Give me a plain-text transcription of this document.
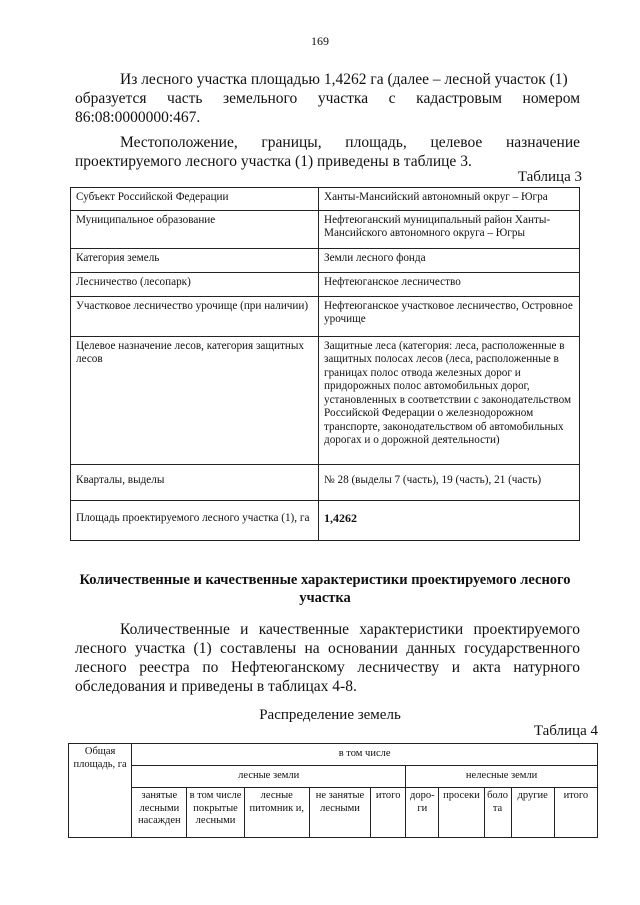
169
Из лесного участка площадью 1,4262 га (далее – лесной участок (1)
образуется часть земельного участка с кадастровым номером
86:08:0000000:467.
Местоположение, границы, площадь, целевое назначение
проектируемого лесного участка (1) приведены в таблице 3.
Таблица 3
Субъект Российской Федерации	Ханты-Мансийский автономный округ – Югра
Муниципальное образование	Нефтеюганский муниципальный район Ханты-Мансийского автономного округа – Югры
Категория земель	Земли лесного фонда
Лесничество (лесопарк)	Нефтеюганское лесничество
Участковое лесничество урочище (при наличии)	Нефтеюганское участковое лесничество, Островное урочище
Целевое назначение лесов, категория защитных лесов	Защитные леса (категория: леса, расположенные в защитных полосах лесов (леса, расположенные в границах полос отвода железных дорог и придорожных полос автомобильных дорог, установленных в соответствии с законодательством Российской Федерации о железнодорожном транспорте, законодательством об автомобильных дорогах и о дорожной деятельности)
Кварталы, выделы	№ 28 (выделы 7 (часть), 19 (часть), 21 (часть)
Площадь проектируемого лесного участка (1), га	1,4262
Количественные и качественные характеристики проектируемого лесного участка
Количественные и качественные характеристики проектируемого
лесного участка (1) составлены на основании данных государственного
лесного реестра по Нефтеюганскому лесничеству и акта натурного
обследования и приведены в таблицах 4-8.
Распределение земель
Таблица 4
Общая площадь, га	в том числе									
	лесные земли					нелесные земли				
	занятые лесными насажден	в том числе покрытые лесными	лесные питомник и,	не занятые лесными	итого	доро- ги	просеки	боло та	другие	итого
